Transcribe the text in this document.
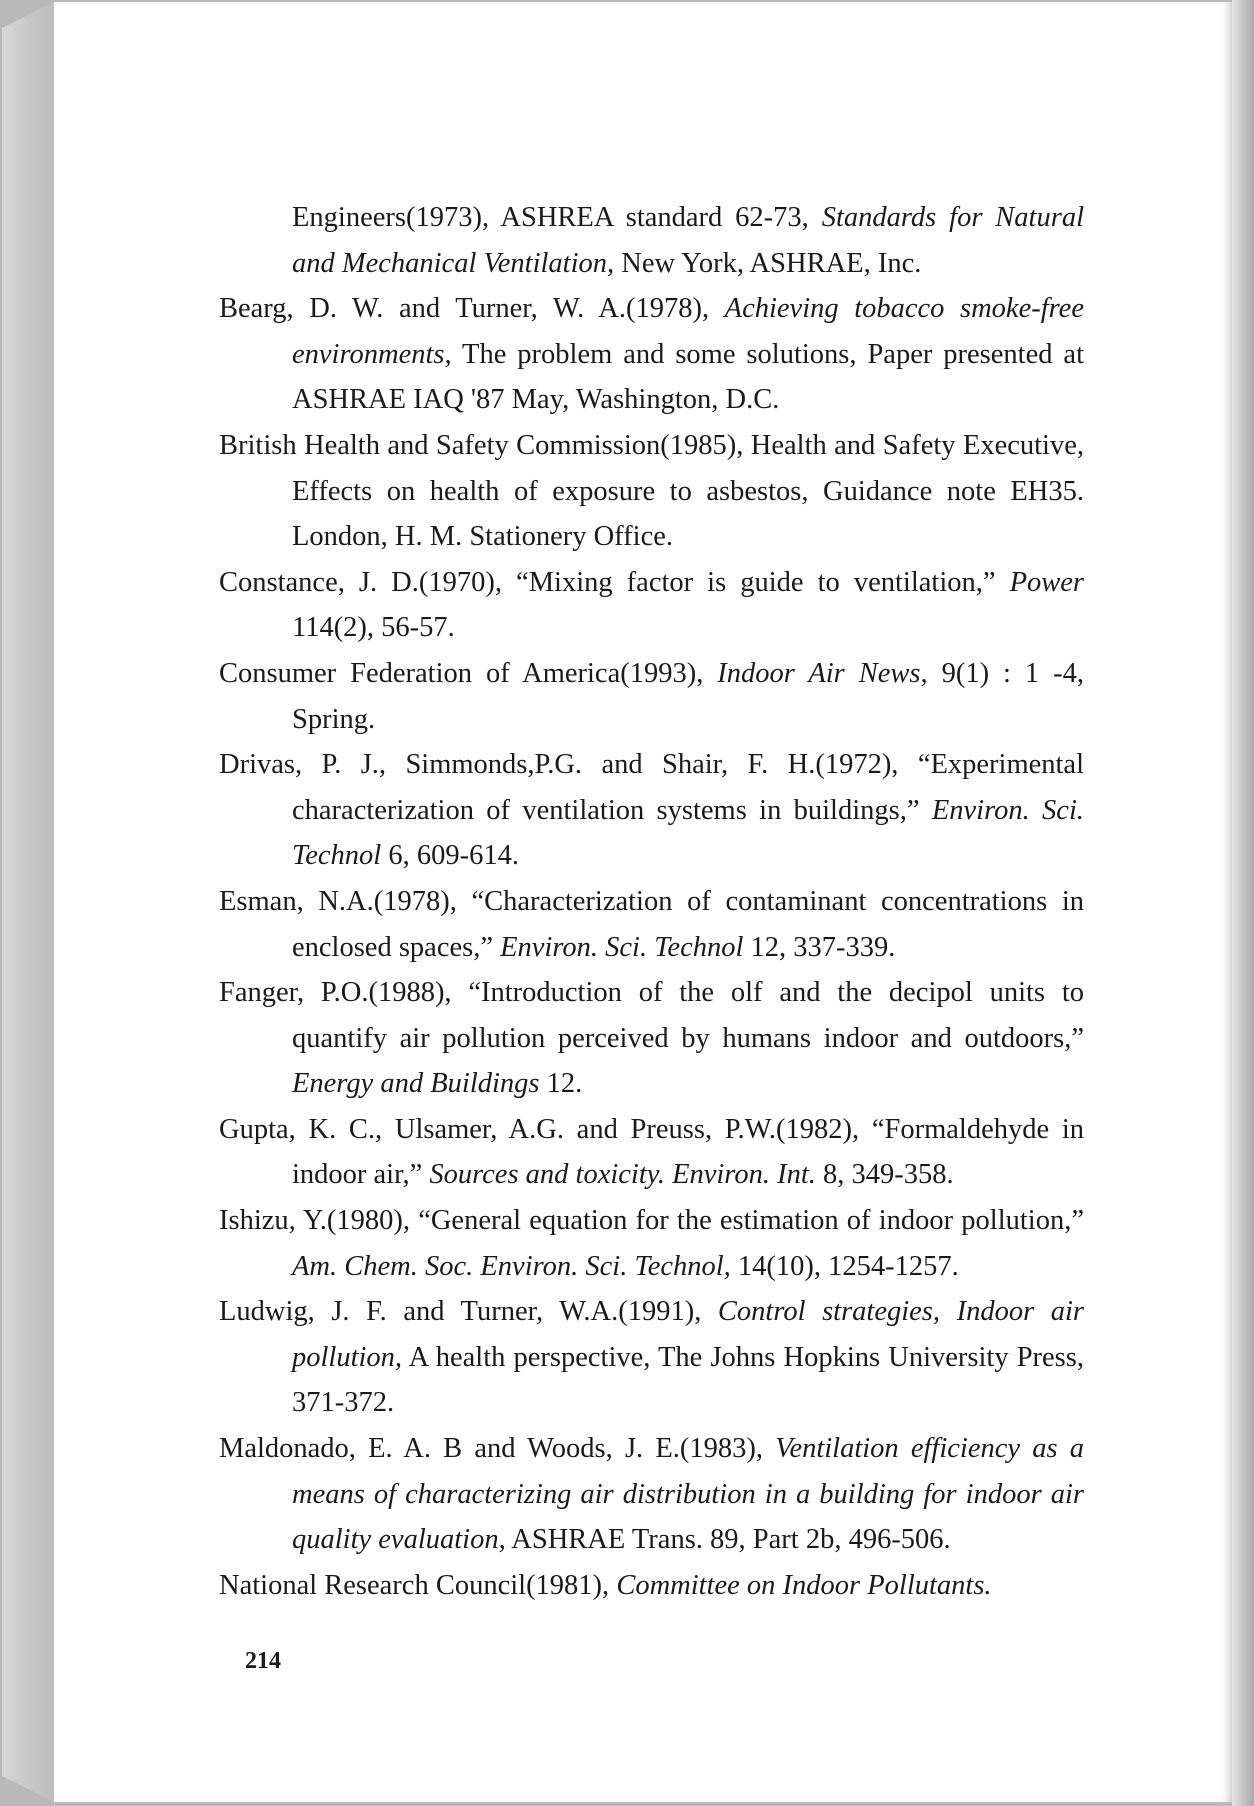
Engineers(1973), ASHREA standard 62-73, Standards for Natural and Mechanical Ventilation, New York, ASHRAE, Inc.

Bearg, D. W. and Turner, W. A.(1978), Achieving tobacco smoke-free environments, The problem and some solutions, Paper presented at ASHRAE IAQ '87 May, Washington, D.C.

British Health and Safety Commission(1985), Health and Safety Executive, Effects on health of exposure to asbestos, Guidance note EH35. London, H. M. Stationery Office.

Constance, J. D.(1970), “Mixing factor is guide to ventilation,” Power 114(2), 56-57.

Consumer Federation of America(1993), Indoor Air News, 9(1) : 1 -4, Spring.

Drivas, P. J., Simmonds,P.G. and Shair, F. H.(1972), “Experimental characterization of ventilation systems in buildings,” Environ. Sci. Technol 6, 609-614.

Esman, N.A.(1978), “Characterization of contaminant concentrations in enclosed spaces,” Environ. Sci. Technol 12, 337-339.

Fanger, P.O.(1988), “Introduction of the olf and the decipol units to quantify air pollution perceived by humans indoor and outdoors,” Energy and Buildings 12.

Gupta, K. C., Ulsamer, A.G. and Preuss, P.W.(1982), “Formaldehyde in indoor air,” Sources and toxicity. Environ. Int. 8, 349-358.

Ishizu, Y.(1980), “General equation for the estimation of indoor pollution,” Am. Chem. Soc. Environ. Sci. Technol, 14(10), 1254-1257.

Ludwig, J. F. and Turner, W.A.(1991), Control strategies, Indoor air pollution, A health perspective, The Johns Hopkins University Press, 371-372.

Maldonado, E. A. B and Woods, J. E.(1983), Ventilation efficiency as a means of characterizing air distribution in a building for indoor air quality evaluation, ASHRAE Trans. 89, Part 2b, 496-506.

National Research Council(1981), Committee on Indoor Pollutants.

214
